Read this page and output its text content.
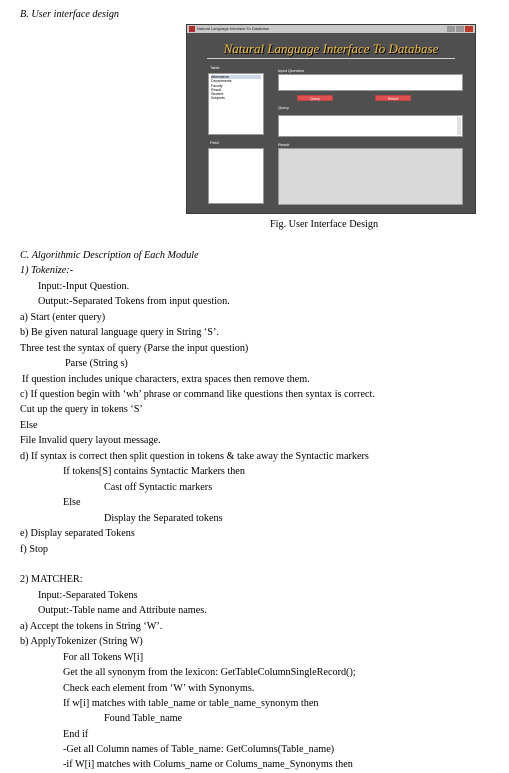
B. User interface design
Natural Language Interface To Database
Natural Language Interface To Database
Table
Attendance
Departments
Faculty
Result
Student
Subjects
Field
Input Question
Query	Result
Query
Result
Fig. User Interface Design
C. Algorithmic Description of Each Module
1) Tokenize:-
Input:-Input Question.
Output:-Separated Tokens from input question.
a) Start (enter query)
b) Be given natural language query in String ‘S’.
Three test the syntax of query (Parse the input question)
Parse (String s)
If question includes unique characters, extra spaces then remove them.
c) If question begin with ‘wh’ phrase or command like questions then syntax is correct.
Cut up the query in tokens ‘S’
Else
File Invalid query layout message.
d) If syntax is correct then split question in tokens & take away the Syntactic markers
If tokens[S] contains Syntactic Markers then
Cast off Syntactic markers
Else
Display the Separated tokens
e) Display separated Tokens
f) Stop
2) MATCHER:
Input:-Separated Tokens
Output:-Table name and Attribute names.
a) Accept the tokens in String ‘W’.
b) ApplyTokenizer (String W)
For all Tokens W[i]
Get the all synonym from the lexicon: GetTableColumnSingleRecord();
Check each element from ‘W’ with Synonyms.
If w[i] matches with table_name or table_name_synonym then
Found Table_name
End if
-Get all Column names of Table_name: GetColumns(Table_name)
-if W[i] matches with Colums_name or Colums_name_Synonyms then
